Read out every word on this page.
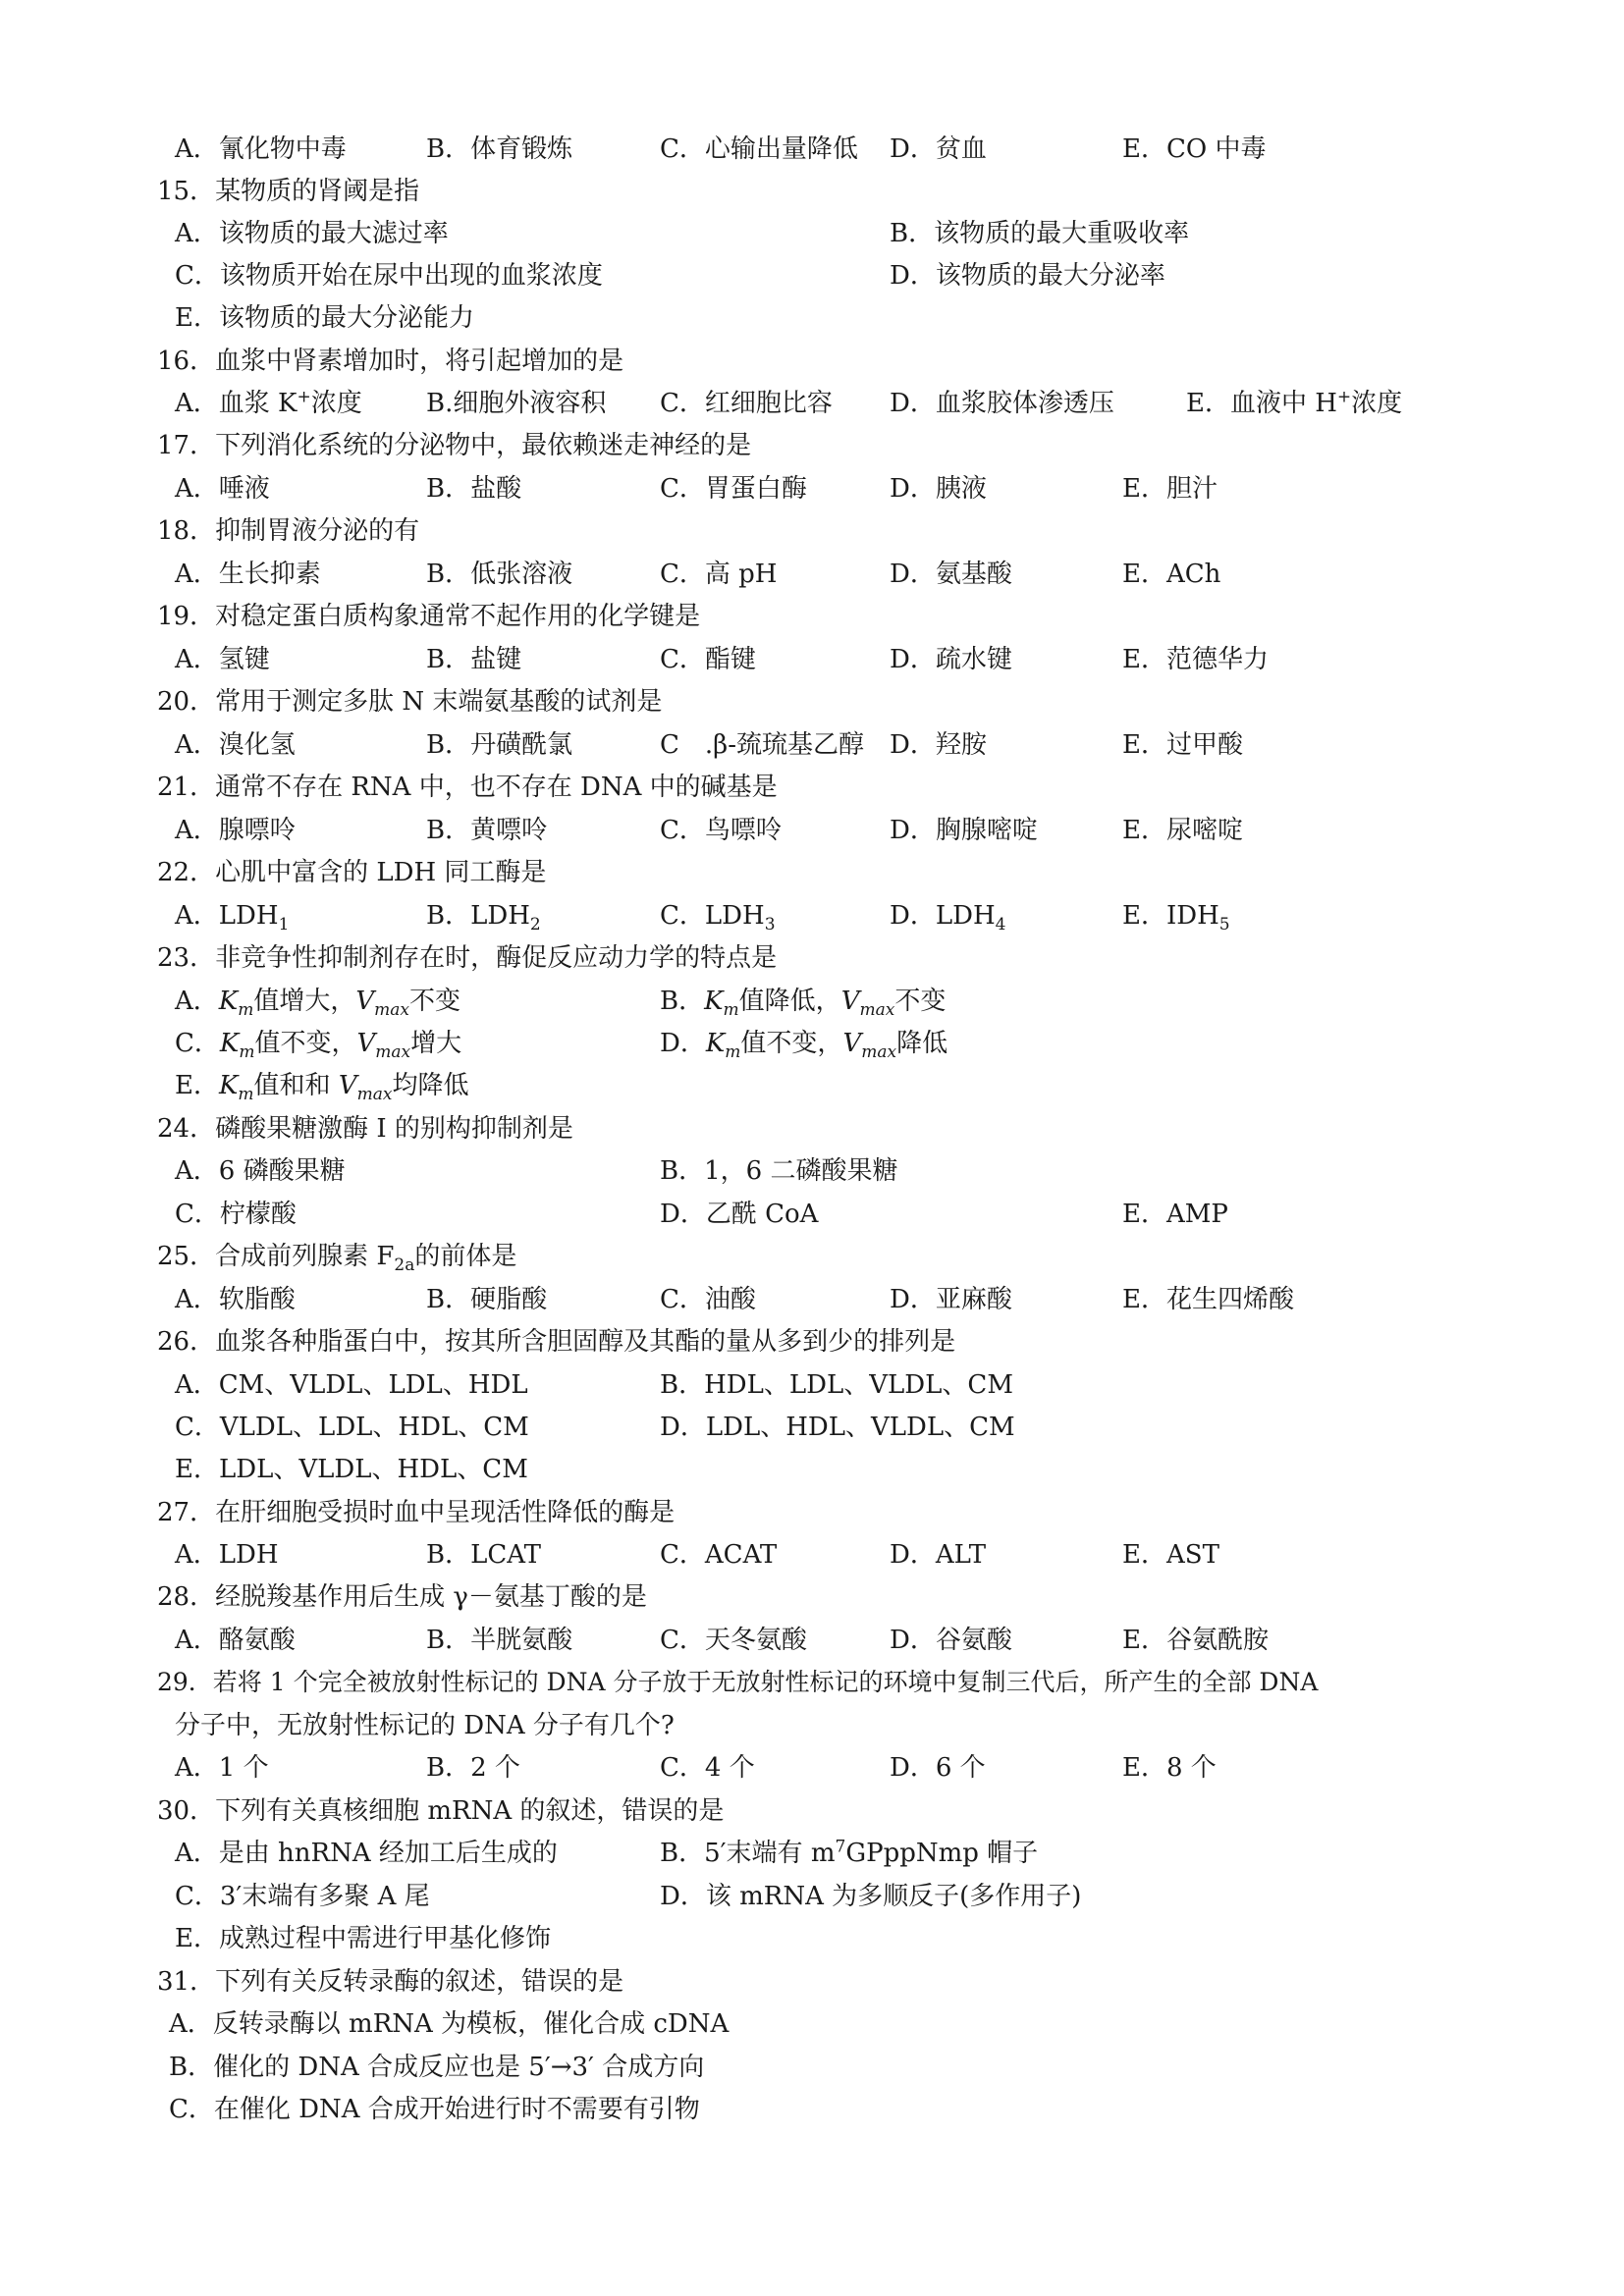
A．氰化物中毒	B．体育锻炼	C．心输出量降低 D．贫血	E．CO 中毒
15．某物质的肾阈是指
A．该物质的最大滤过率	B．该物质的最大重吸收率
C．该物质开始在尿中出现的血浆浓度	D．该物质的最大分泌率
E．该物质的最大分泌能力
16．血浆中肾素增加时，将引起增加的是
A．血浆 K+浓度	B.细胞外液容积 C．红细胞比容 D．血浆胶体渗透压	E．血液中 H+浓度
17．下列消化系统的分泌物中，最依赖迷走神经的是
A．唾液	B．盐酸	C．胃蛋白酶	D．胰液	E．胆汁
18．抑制胃液分泌的有
A．生长抑素	B．低张溶液	C．高 pH	D．氨基酸	E．ACh
19．对稳定蛋白质构象通常不起作用的化学键是
A．氢键	B．盐键	C．酯键	D．疏水键	E．范德华力
20．常用于测定多肽 N 末端氨基酸的试剂是
A．溴化氢	B．丹磺酰氯	C　.β-巯琉基乙醇 D．羟胺	E．过甲酸
21．通常不存在 RNA 中，也不存在 DNA 中的碱基是
A．腺嘌呤	B．黄嘌呤	C．鸟嘌呤	D．胸腺嘧啶	E．尿嘧啶
22．心肌中富含的 LDH 同工酶是
A．$LDH_1$	B．$LDH_2$	C．$LDH_3$	D．$LDH_4$	E．$IDH_5$
23．非竞争性抑制剂存在时，酶促反应动力学的特点是
A．$K_m$值增大，$V_{max}$不变	B．$K_m$值降低，$V_{max}$不变
C．$K_m$值不变，$V_{max}$增大	D．$K_m$值不变，$V_{max}$降低
E．$K_m$值和和 $V_{max}$均降低
24．磷酸果糖激酶 I 的别构抑制剂是
A．6 磷酸果糖	B．1，6 二磷酸果糖
C．柠檬酸	D．乙酰 CoA	E．AMP
25．合成前列腺素 $F_{2a}$的前体是
A．软脂酸	B．硬脂酸	C．油酸	D．亚麻酸	E．花生四烯酸
26．血浆各种脂蛋白中，按其所含胆固醇及其酯的量从多到少的排列是
A．CM、VLDL、LDL、HDL	B．HDL、LDL、VLDL、CM
C．VLDL、LDL、HDL、CM	D．LDL、HDL、VLDL、CM
E．LDL、VLDL、HDL、CM
27．在肝细胞受损时血中呈现活性降低的酶是
A．LDH	B．LCAT	C．ACAT	D．ALT	E．AST
28．经脱羧基作用后生成 γ－氨基丁酸的是
A．酪氨酸	B．半胱氨酸	C．天冬氨酸	D．谷氨酸	E．谷氨酰胺
29．若将 1 个完全被放射性标记的 DNA 分子放于无放射性标记的环境中复制三代后，所产生的全部 DNA
分子中，无放射性标记的 DNA 分子有几个?
A．1 个	B．2 个	C．4 个	D．6 个	E．8 个
30．下列有关真核细胞 mRNA 的叙述，错误的是
A．是由 hnRNA 经加工后生成的	B．5′末端有 $m^7GPppNmp$ 帽子
C．3′末端有多聚 A 尾	D．该 mRNA 为多顺反子(多作用子)
E．成熟过程中需进行甲基化修饰
31．下列有关反转录酶的叙述，错误的是
A．反转录酶以 mRNA 为模板，催化合成 cDNA
B．催化的 DNA 合成反应也是 5′→3′ 合成方向
C．在催化 DNA 合成开始进行时不需要有引物
